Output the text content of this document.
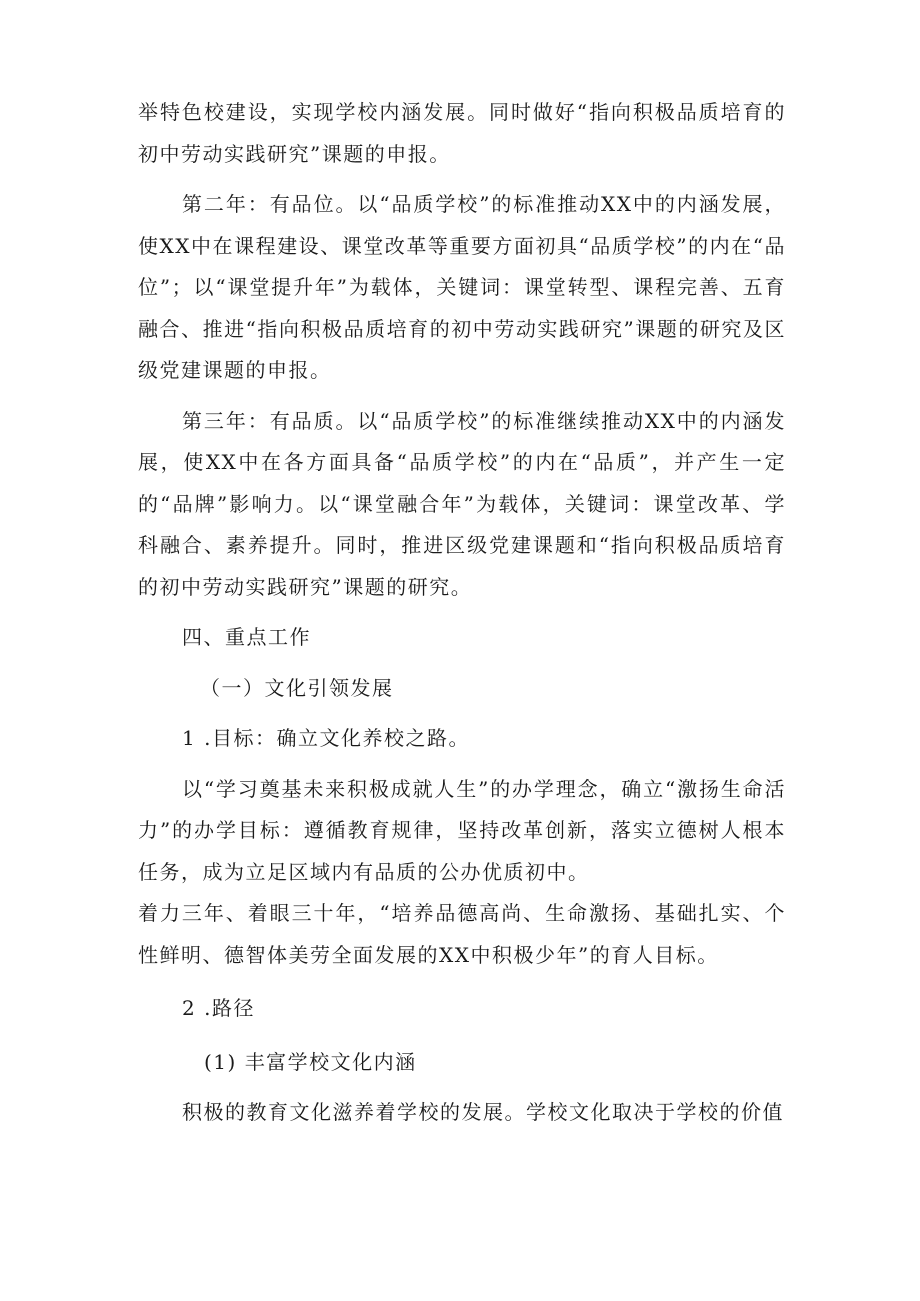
举特色校建设，实现学校内涵发展。同时做好“指向积极品质培育的初中劳动实践研究”课题的申报。

第二年：有品位。以“品质学校”的标准推动XX中的内涵发展，使XX中在课程建设、课堂改革等重要方面初具“品质学校”的内在“品位”；以“课堂提升年”为载体，关键词：课堂转型、课程完善、五育融合、推进“指向积极品质培育的初中劳动实践研究”课题的研究及区级党建课题的申报。

第三年：有品质。以“品质学校”的标准继续推动XX中的内涵发展，使XX中在各方面具备“品质学校”的内在“品质”，并产生一定的“品牌”影响力。以“课堂融合年”为载体，关键词：课堂改革、学科融合、素养提升。同时，推进区级党建课题和“指向积极品质培育的初中劳动实践研究”课题的研究。

四、重点工作

（一）文化引领发展

1 .目标：确立文化养校之路。

以“学习奠基未来积极成就人生”的办学理念，确立“激扬生命活力”的办学目标：遵循教育规律，坚持改革创新，落实立德树人根本任务，成为立足区域内有品质的公办优质初中。

着力三年、着眼三十年，“培养品德高尚、生命激扬、基础扎实、个性鲜明、德智体美劳全面发展的XX中积极少年”的育人目标。

2 .路径

(1) 丰富学校文化内涵

积极的教育文化滋养着学校的发展。学校文化取决于学校的价值
